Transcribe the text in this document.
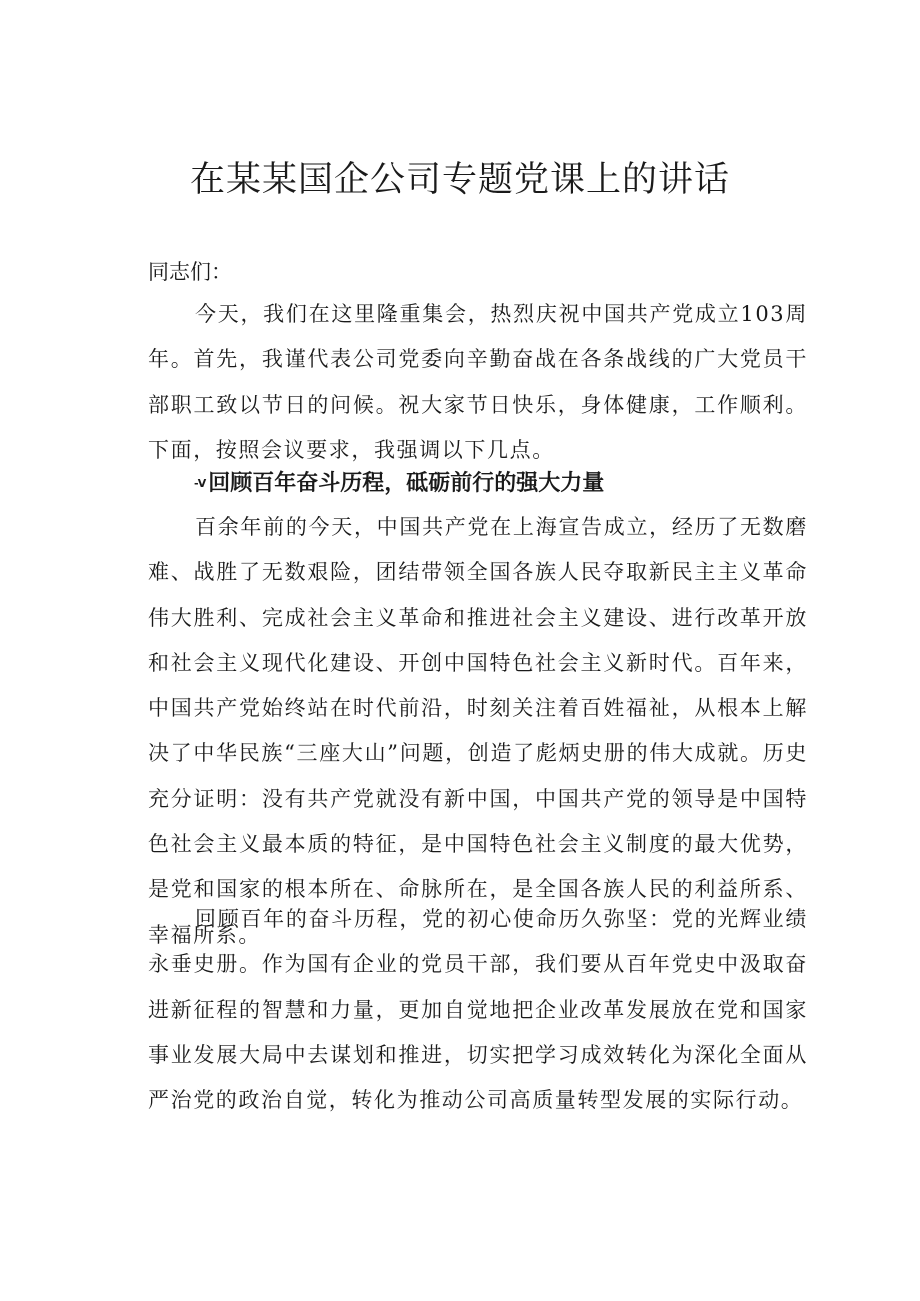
在某某国企公司专题党课上的讲话

同志们：

今天，我们在这里隆重集会，热烈庆祝中国共产党成立103周年。首先，我谨代表公司党委向辛勤奋战在各条战线的广大党员干部职工致以节日的问候。祝大家节日快乐，身体健康，工作顺利。下面，按照会议要求，我强调以下几点。

-V回顾百年奋斗历程，砥砺前行的强大力量

百余年前的今天，中国共产党在上海宣告成立，经历了无数磨难、战胜了无数艰险，团结带领全国各族人民夺取新民主主义革命伟大胜利、完成社会主义革命和推进社会主义建设、进行改革开放和社会主义现代化建设、开创中国特色社会主义新时代。百年来，中国共产党始终站在时代前沿，时刻关注着百姓福祉，从根本上解决了中华民族“三座大山”问题，创造了彪炳史册的伟大成就。历史充分证明：没有共产党就没有新中国，中国共产党的领导是中国特色社会主义最本质的特征，是中国特色社会主义制度的最大优势，是党和国家的根本所在、命脉所在，是全国各族人民的利益所系、幸福所系。

回顾百年的奋斗历程，党的初心使命历久弥坚：党的光辉业绩永垂史册。作为国有企业的党员干部，我们要从百年党史中汲取奋进新征程的智慧和力量，更加自觉地把企业改革发展放在党和国家事业发展大局中去谋划和推进，切实把学习成效转化为深化全面从严治党的政治自觉，转化为推动公司高质量转型发展的实际行动。
